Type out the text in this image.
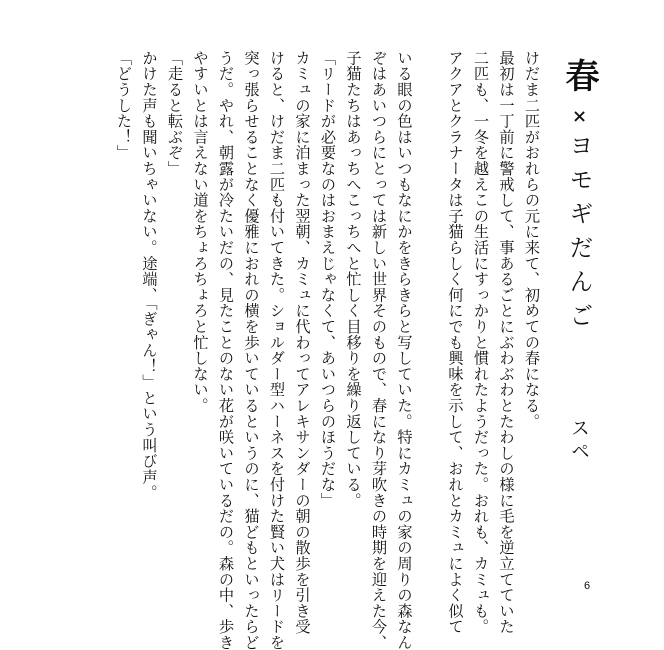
春×ヨモギだんご
スペ

けだま二匹がおれらの元に来て、初めての春になる。

最初は一丁前に警戒して、事あるごとにぶわぶわとたわしの様に毛を逆立てていた

二匹も、一冬を越えこの生活にすっかりと慣れたようだった。おれも、カミュも。

アクアとクラナータは子猫らしく何にでも興味を示して、おれとカミュによく似て

いる眼の色はいつもなにかをきらきらと写していた。特にカミュの家の周りの森なん

ぞはあいつらにとっては新しい世界そのもので、春になり芽吹きの時期を迎えた今、

子猫たちはあっちへこっちへと忙しく目移りを繰り返している。

「リードが必要なのはおまえじゃなくて、あいつらのほうだな」

カミュの家に泊まった翌朝、カミュに代わってアレキサンダーの朝の散歩を引き受

けると、けだま二匹も付いてきた。ショルダー型ハーネスを付けた賢い犬はリードを

突っ張らせることなく優雅におれの横を歩いているというのに、猫どもといったらど

うだ。やれ、朝露が冷たいだの、見たことのない花が咲いているだの。森の中、歩き

やすいとは言えない道をちょろちょろと忙しない。

「走ると転ぶぞ」

かけた声も聞いちゃいない。途端、「ぎゃん！」という叫び声。

「どうした！」

6
